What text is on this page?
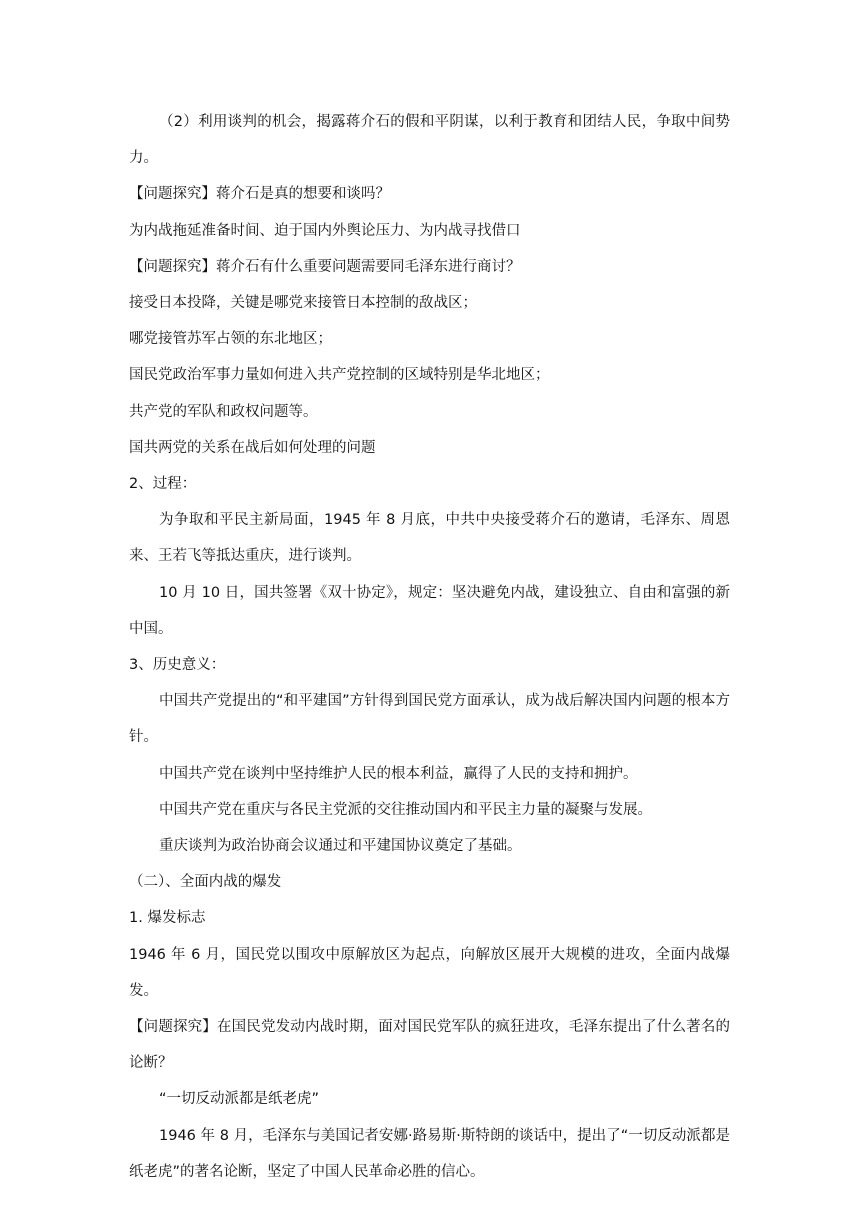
（2）利用谈判的机会，揭露蒋介石的假和平阴谋，以利于教育和团结人民，争取中间势力。
【问题探究】蒋介石是真的想要和谈吗？
为内战拖延准备时间、迫于国内外舆论压力、为内战寻找借口
【问题探究】蒋介石有什么重要问题需要同毛泽东进行商讨？
接受日本投降，关键是哪党来接管日本控制的敌战区；
哪党接管苏军占领的东北地区；
国民党政治军事力量如何进入共产党控制的区域特别是华北地区；
共产党的军队和政权问题等。
国共两党的关系在战后如何处理的问题
2、过程：
为争取和平民主新局面，1945 年 8 月底，中共中央接受蒋介石的邀请，毛泽东、周恩来、王若飞等抵达重庆，进行谈判。
10 月 10 日，国共签署《双十协定》，规定：坚决避免内战，建设独立、自由和富强的新中国。
3、历史意义：
中国共产党提出的“和平建国”方针得到国民党方面承认，成为战后解决国内问题的根本方针。
中国共产党在谈判中坚持维护人民的根本利益，赢得了人民的支持和拥护。
中国共产党在重庆与各民主党派的交往推动国内和平民主力量的凝聚与发展。
重庆谈判为政治协商会议通过和平建国协议奠定了基础。
（二）、全面内战的爆发
1. 爆发标志
1946 年 6 月，国民党以围攻中原解放区为起点，向解放区展开大规模的进攻，全面内战爆发。
【问题探究】在国民党发动内战时期，面对国民党军队的疯狂进攻，毛泽东提出了什么著名的论断？
“一切反动派都是纸老虎”
1946 年 8 月，毛泽东与美国记者安娜·路易斯·斯特朗的谈话中，提出了“一切反动派都是纸老虎”的著名论断，坚定了中国人民革命必胜的信心。
